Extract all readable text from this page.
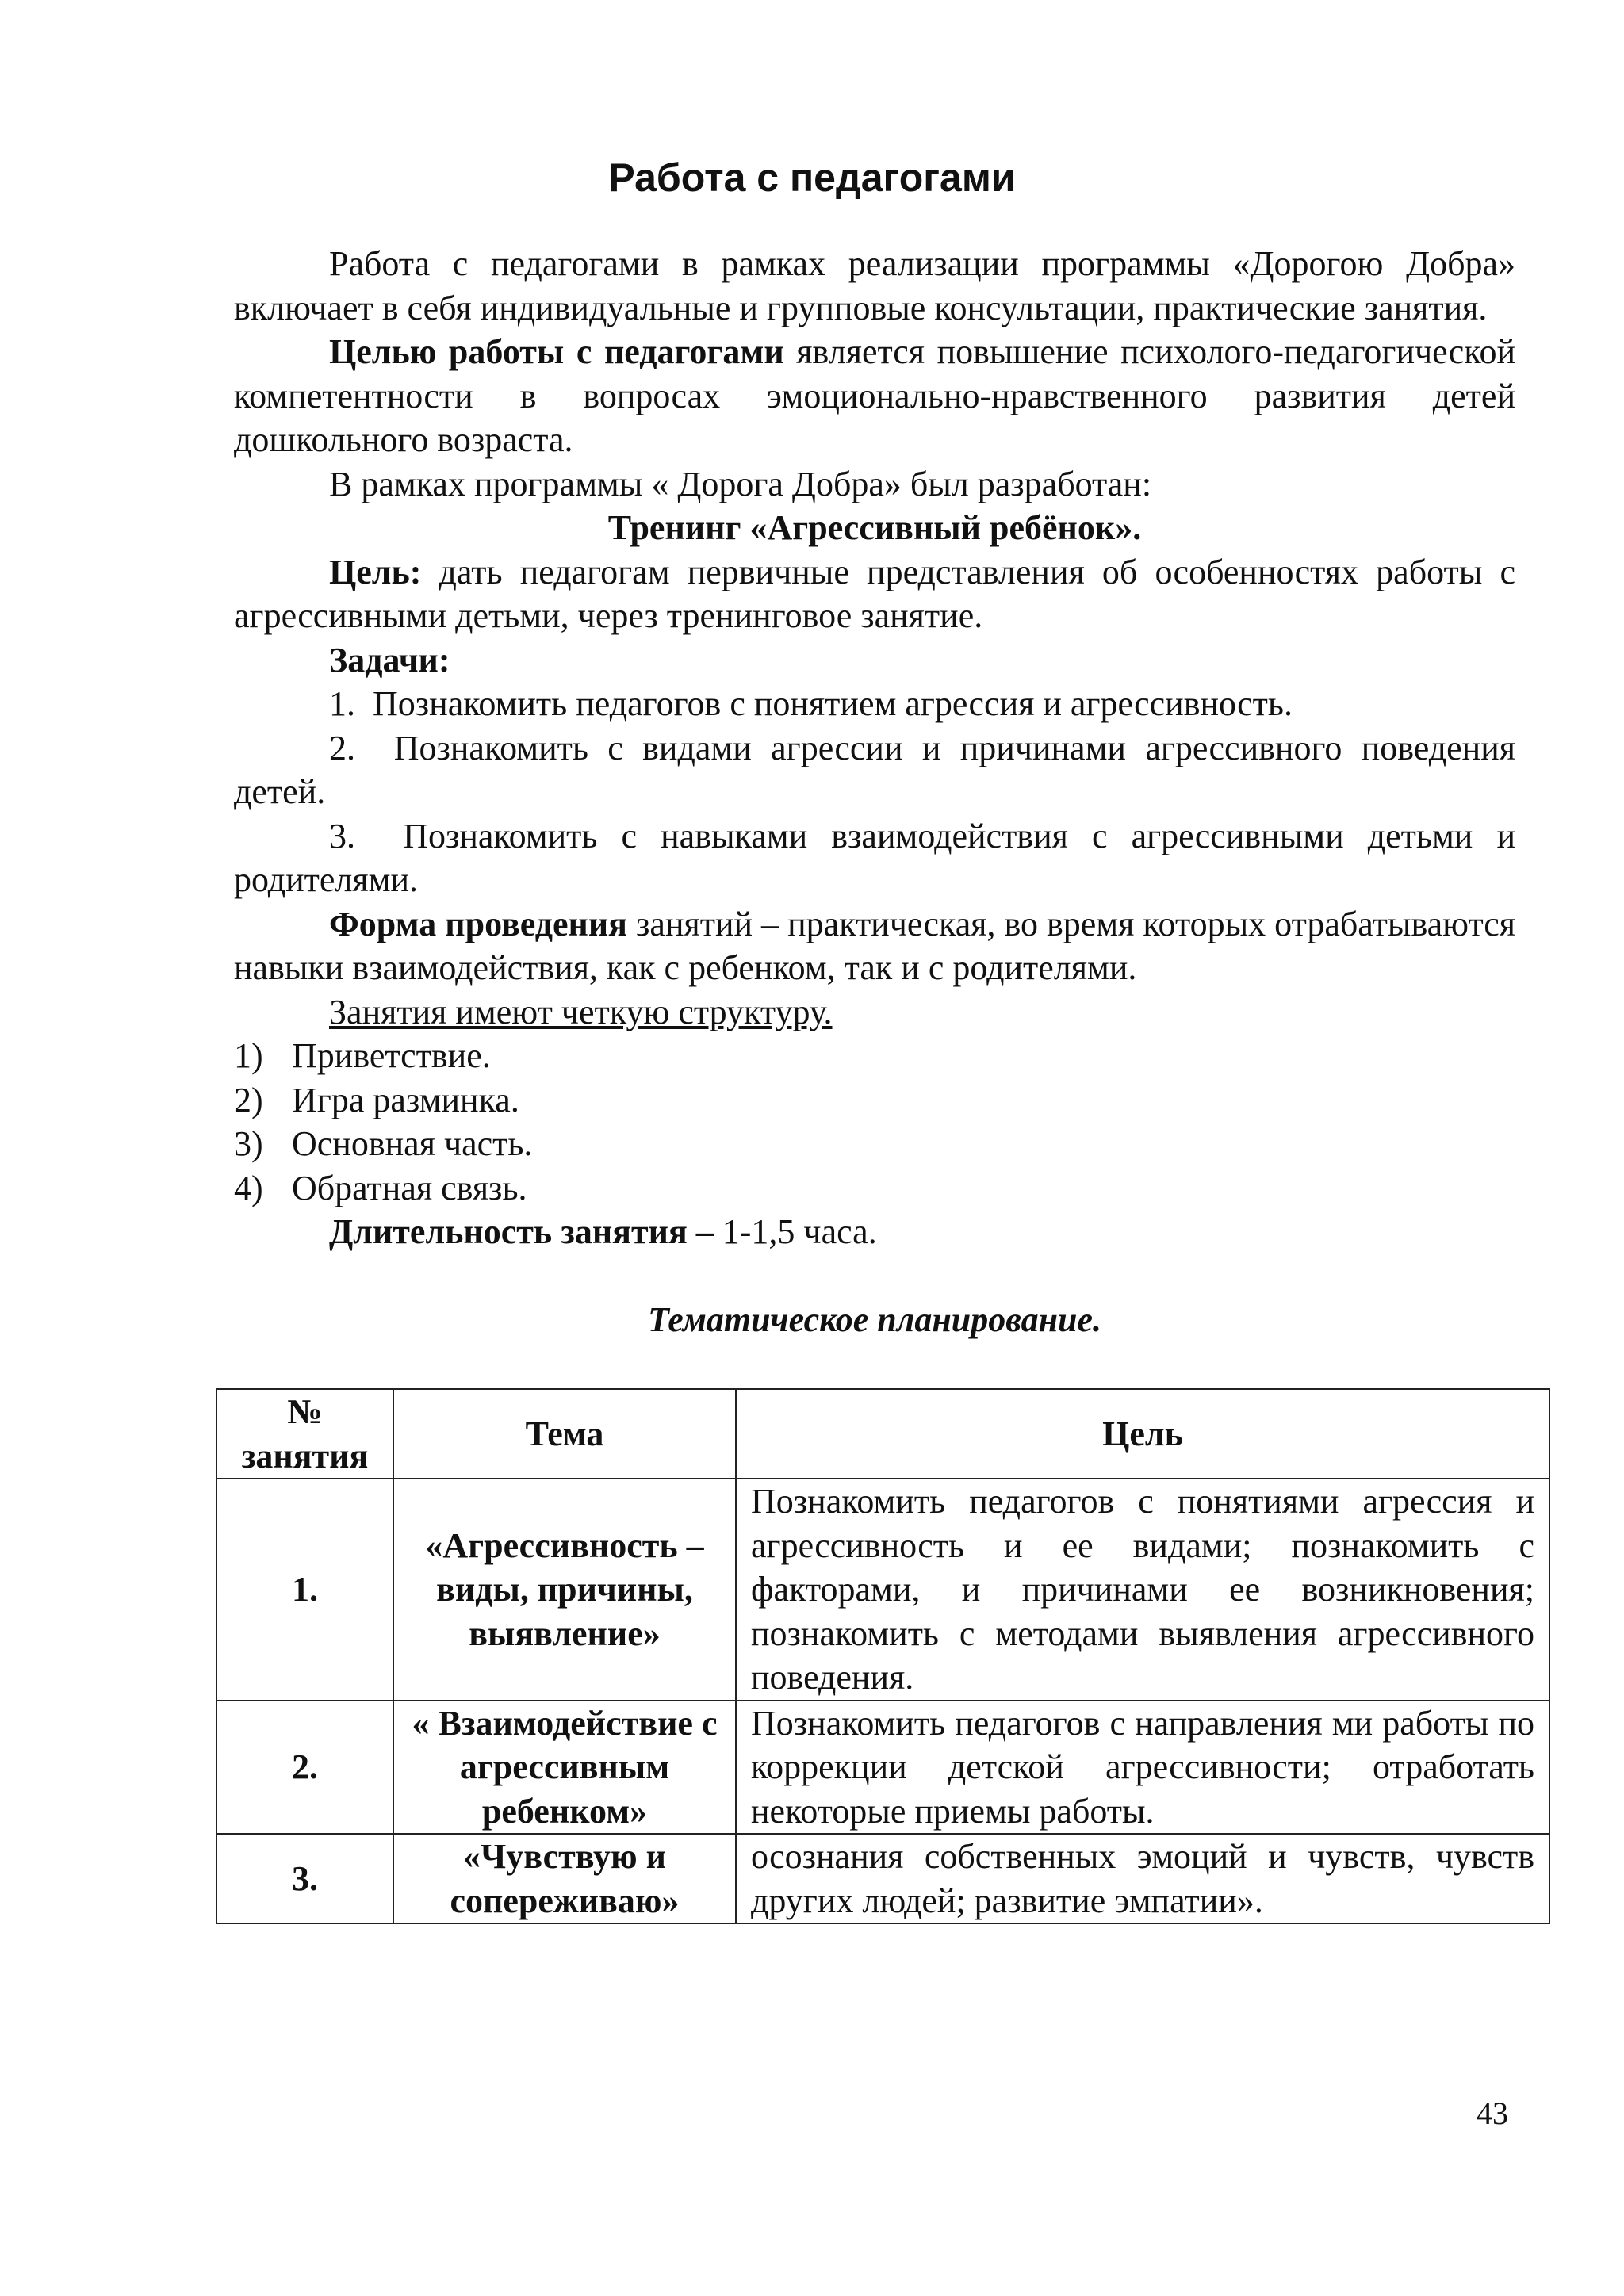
Работа с педагогами

Работа с педагогами в рамках реализации программы «Дорогою Добра» включает в себя индивидуальные и групповые консультации, практические занятия.

Целью работы с педагогами является повышение психолого-педагогической компетентности в вопросах эмоционально-нравственного развития детей дошкольного возраста.

В рамках программы « Дорога Добра» был разработан:

Тренинг «Агрессивный ребёнок».

Цель: дать педагогам первичные представления об особенностях работы с агрессивными детьми, через тренинговое занятие.

Задачи:

1. Познакомить педагогов с понятием агрессия и агрессивность.

2. Познакомить с видами агрессии и причинами агрессивного поведения детей.

3. Познакомить с навыками взаимодействия с агрессивными детьми и родителями.

Форма проведения занятий – практическая, во время которых отрабатываются навыки взаимодействия, как с ребенком, так и с родителями.

Занятия имеют четкую структуру.

1) Приветствие.

2) Игра разминка.

3) Основная часть.

4) Обратная связь.

Длительность занятия – 1-1,5 часа.

Тематическое планирование.

№ занятия	Тема	Цель
1.	«Агрессивность – виды, причины, выявление»	Познакомить педагогов с понятиями агрессия и агрессивность и ее видами; познакомить с факторами, и причинами ее возникновения; познакомить с методами выявления агрессивного поведения.
2.	« Взаимодействие с агрессивным ребенком»	Познакомить педагогов с направления ми работы по коррекции детской агрессивности; отработать некоторые приемы работы.
3.	«Чувствую и сопереживаю»	осознания собственных эмоций и чувств, чувств других людей; развитие эмпатии».
43
